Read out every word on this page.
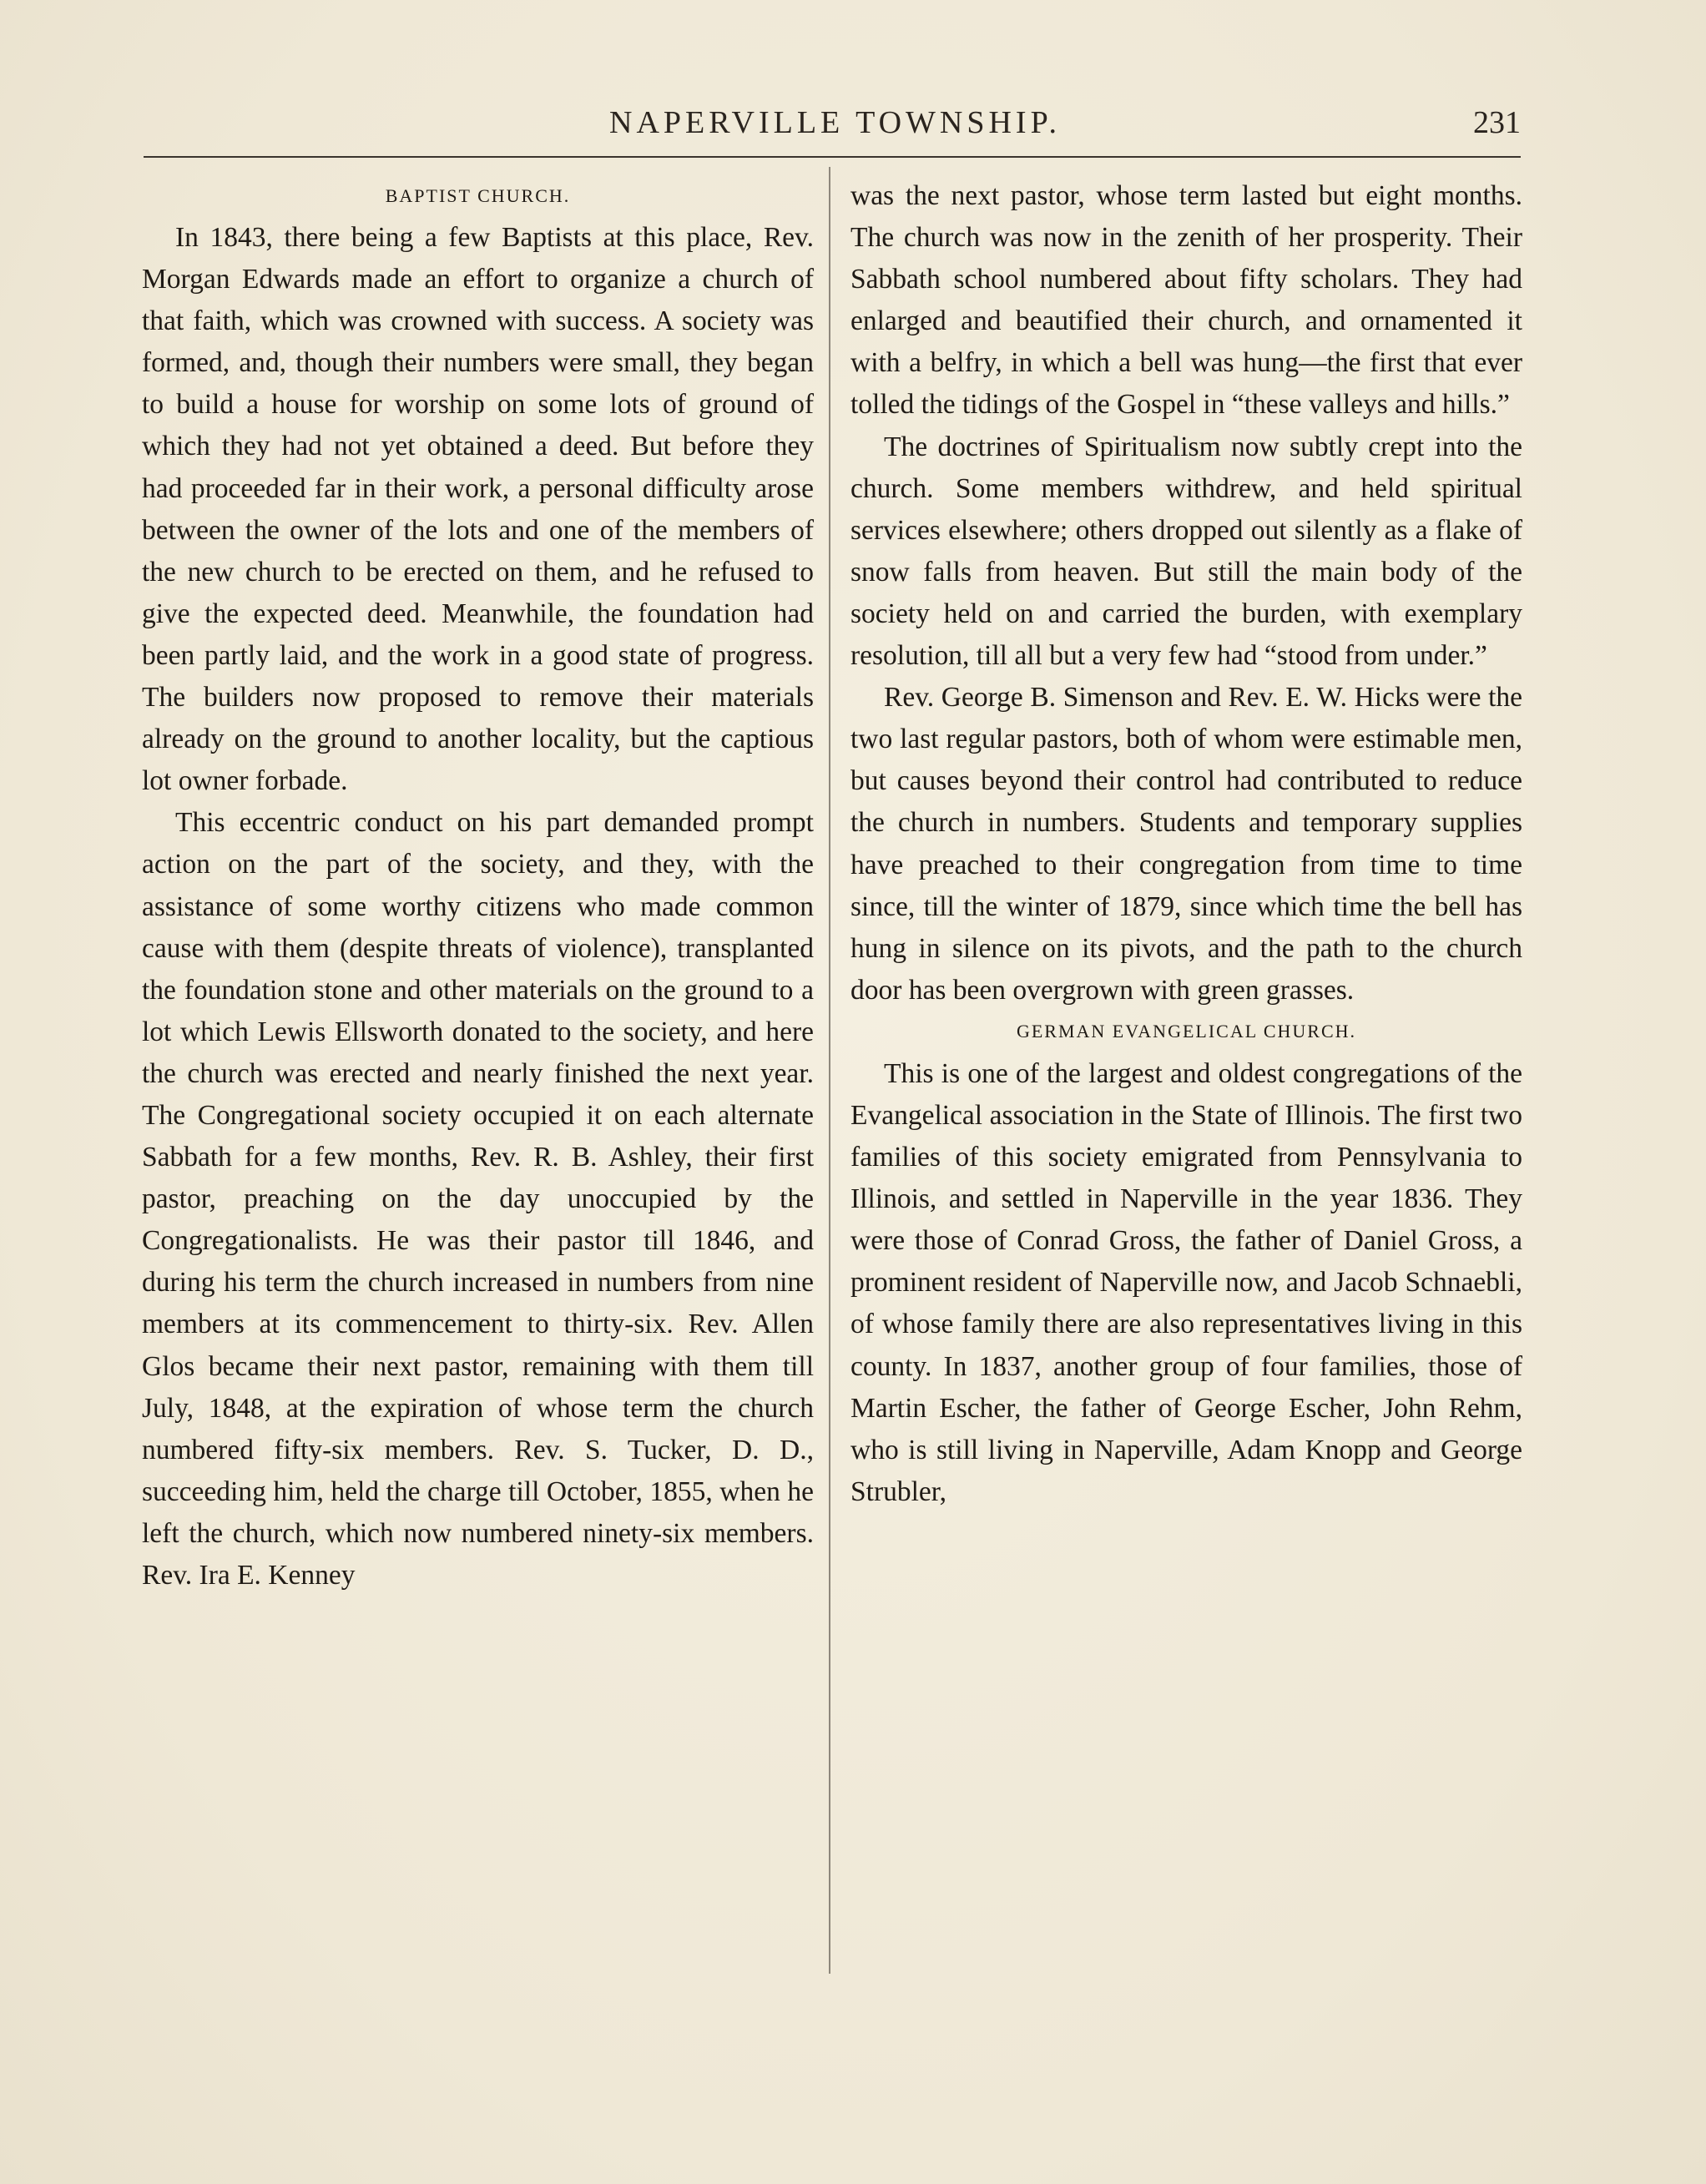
NAPERVILLE TOWNSHIP.	231
BAPTIST CHURCH.

In 1843, there being a few Baptists at this place, Rev. Morgan Edwards made an effort to organize a church of that faith, which was crowned with success. A society was formed, and, though their numbers were small, they began to build a house for worship on some lots of ground of which they had not yet obtained a deed. But before they had proceeded far in their work, a personal difficulty arose between the owner of the lots and one of the members of the new church to be erected on them, and he refused to give the expected deed. Meanwhile, the foundation had been partly laid, and the work in a good state of progress. The builders now proposed to remove their materials already on the ground to another locality, but the captious lot owner forbade.

This eccentric conduct on his part demanded prompt action on the part of the society, and they, with the assistance of some worthy citizens who made common cause with them (despite threats of violence), transplanted the foundation stone and other materials on the ground to a lot which Lewis Ellsworth donated to the society, and here the church was erected and nearly finished the next year. The Congregational society occupied it on each alternate Sabbath for a few months, Rev. R. B. Ashley, their first pastor, preaching on the day unoccupied by the Congregationalists. He was their pastor till 1846, and during his term the church increased in numbers from nine members at its commencement to thirty-six. Rev. Allen Glos became their next pastor, remaining with them till July, 1848, at the expiration of whose term the church numbered fifty-six members. Rev. S. Tucker, D. D., succeeding him, held the charge till October, 1855, when he left the church, which now numbered ninety-six members. Rev. Ira E. Kenney

was the next pastor, whose term lasted but eight months. The church was now in the zenith of her prosperity. Their Sabbath school numbered about fifty scholars. They had enlarged and beautified their church, and ornamented it with a belfry, in which a bell was hung—the first that ever tolled the tidings of the Gospel in “these valleys and hills.”

The doctrines of Spiritualism now subtly crept into the church. Some members withdrew, and held spiritual services elsewhere; others dropped out silently as a flake of snow falls from heaven. But still the main body of the society held on and carried the burden, with exemplary resolution, till all but a very few had “stood from under.”

Rev. George B. Simenson and Rev. E. W. Hicks were the two last regular pastors, both of whom were estimable men, but causes beyond their control had contributed to reduce the church in numbers. Students and temporary supplies have preached to their congregation from time to time since, till the winter of 1879, since which time the bell has hung in silence on its pivots, and the path to the church door has been overgrown with green grasses.

GERMAN EVANGELICAL CHURCH.

This is one of the largest and oldest congregations of the Evangelical association in the State of Illinois. The first two families of this society emigrated from Pennsylvania to Illinois, and settled in Naperville in the year 1836. They were those of Conrad Gross, the father of Daniel Gross, a prominent resident of Naperville now, and Jacob Schnaebli, of whose family there are also representatives living in this county. In 1837, another group of four families, those of Martin Escher, the father of George Escher, John Rehm, who is still living in Naperville, Adam Knopp and George Strubler,
